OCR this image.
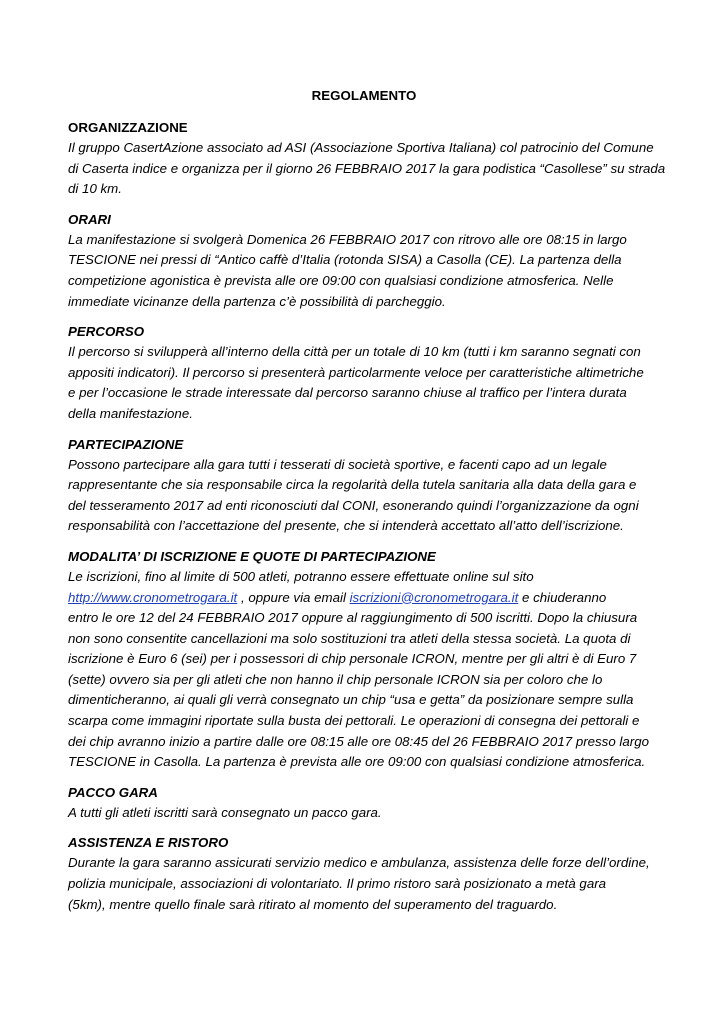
REGOLAMENTO
ORGANIZZAZIONE
Il gruppo CasertAzione associato ad ASI (Associazione Sportiva Italiana) col patrocinio del Comune
di Caserta indice e organizza per il giorno 26 FEBBRAIO 2017 la gara podistica “Casollese” su strada
di 10 km.
ORARI
La manifestazione si svolgerà Domenica 26 FEBBRAIO 2017 con ritrovo alle ore 08:15 in largo
TESCIONE nei pressi di “Antico caffè d’Italia (rotonda SISA) a Casolla (CE). La partenza della
competizione agonistica è prevista alle ore 09:00 con qualsiasi condizione atmosferica. Nelle
immediate vicinanze della partenza c’è possibilità di parcheggio.
PERCORSO
Il percorso si svilupperà all’interno della città per un totale di 10 km (tutti i km saranno segnati con
appositi indicatori). Il percorso si presenterà particolarmente veloce per caratteristiche altimetriche
e per l’occasione le strade interessate dal percorso saranno chiuse al traffico per l’intera durata
della manifestazione.
PARTECIPAZIONE
Possono partecipare alla gara tutti i tesserati di società sportive, e facenti capo ad un legale
rappresentante che sia responsabile circa la regolarità della tutela sanitaria alla data della gara e
del tesseramento 2017 ad enti riconosciuti dal CONI, esonerando quindi l’organizzazione da ogni
responsabilità con l’accettazione del presente, che si intenderà accettato all’atto dell’iscrizione.
MODALITA’ DI ISCRIZIONE E QUOTE DI PARTECIPAZIONE
Le iscrizioni, fino al limite di 500 atleti, potranno essere effettuate online sul sito
http://www.cronometrogara.it , oppure via email iscrizioni@cronometrogara.it e chiuderanno
entro le ore 12 del 24 FEBBRAIO 2017 oppure al raggiungimento di 500 iscritti. Dopo la chiusura
non sono consentite cancellazioni ma solo sostituzioni tra atleti della stessa società. La quota di
iscrizione è Euro 6 (sei) per i possessori di chip personale ICRON, mentre per gli altri è di Euro 7
(sette) ovvero sia per gli atleti che non hanno il chip personale ICRON sia per coloro che lo
dimenticheranno, ai quali gli verrà consegnato un chip “usa e getta” da posizionare sempre sulla
scarpa come immagini riportate sulla busta dei pettorali. Le operazioni di consegna dei pettorali e
dei chip avranno inizio a partire dalle ore 08:15 alle ore 08:45 del 26 FEBBRAIO 2017 presso largo
TESCIONE in Casolla. La partenza è prevista alle ore 09:00 con qualsiasi condizione atmosferica.
PACCO GARA
A tutti gli atleti iscritti sarà consegnato un pacco gara.
ASSISTENZA E RISTORO
Durante la gara saranno assicurati servizio medico e ambulanza, assistenza delle forze dell’ordine,
polizia municipale, associazioni di volontariato. Il primo ristoro sarà posizionato a metà gara
(5km), mentre quello finale sarà ritirato al momento del superamento del traguardo.
